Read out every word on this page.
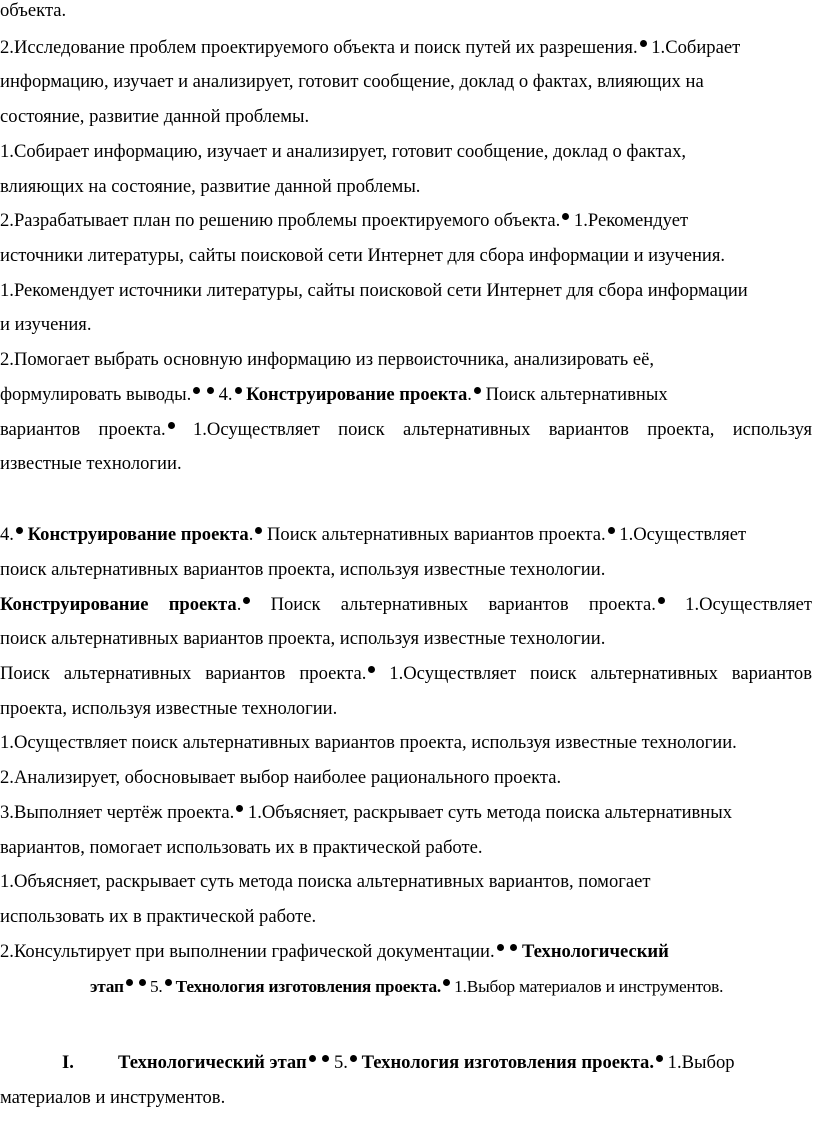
объекта.
2.Исследование проблем проектируемого объекта и поиск путей их разрешения. 1.Собирает
информацию, изучает и анализирует, готовит сообщение, доклад о фактах, влияющих на
состояние, развитие данной проблемы.
1.Собирает информацию, изучает и анализирует, готовит сообщение, доклад о фактах,
влияющих на состояние, развитие данной проблемы.
2.Разрабатывает план по решению проблемы проектируемого объекта. 1.Рекомендует
источники литературы, сайты поисковой сети Интернет для сбора информации и изучения.
1.Рекомендует источники литературы, сайты поисковой сети Интернет для сбора информации
и изучения.
2.Помогает выбрать основную информацию из первоисточника, анализировать её,
формулировать выводы.  4. Конструирование проекта. Поиск альтернативных
вариантов проекта. 1.Осуществляет поиск альтернативных вариантов проекта, используя
известные технологии.
4. Конструирование проекта. Поиск альтернативных вариантов проекта. 1.Осуществляет
поиск альтернативных вариантов проекта, используя известные технологии.
Конструирование проекта. Поиск альтернативных вариантов проекта. 1.Осуществляет
поиск альтернативных вариантов проекта, используя известные технологии.
Поиск альтернативных вариантов проекта. 1.Осуществляет поиск альтернативных вариантов
проекта, используя известные технологии.
1.Осуществляет поиск альтернативных вариантов проекта, используя известные технологии.
2.Анализирует, обосновывает выбор наиболее рационального проекта.
3.Выполняет чертёж проекта. 1.Объясняет, раскрывает суть метода поиска альтернативных
вариантов, помогает использовать их в практической работе.
1.Объясняет, раскрывает суть метода поиска альтернативных вариантов, помогает
использовать их в практической работе.
2.Консультирует при выполнении графической документации.  Технологический
этап  5. Технология изготовления проекта. 1.Выбор материалов и инструментов.
I.	Технологический этап  5. Технология изготовления проекта. 1.Выбор
материалов и инструментов.
